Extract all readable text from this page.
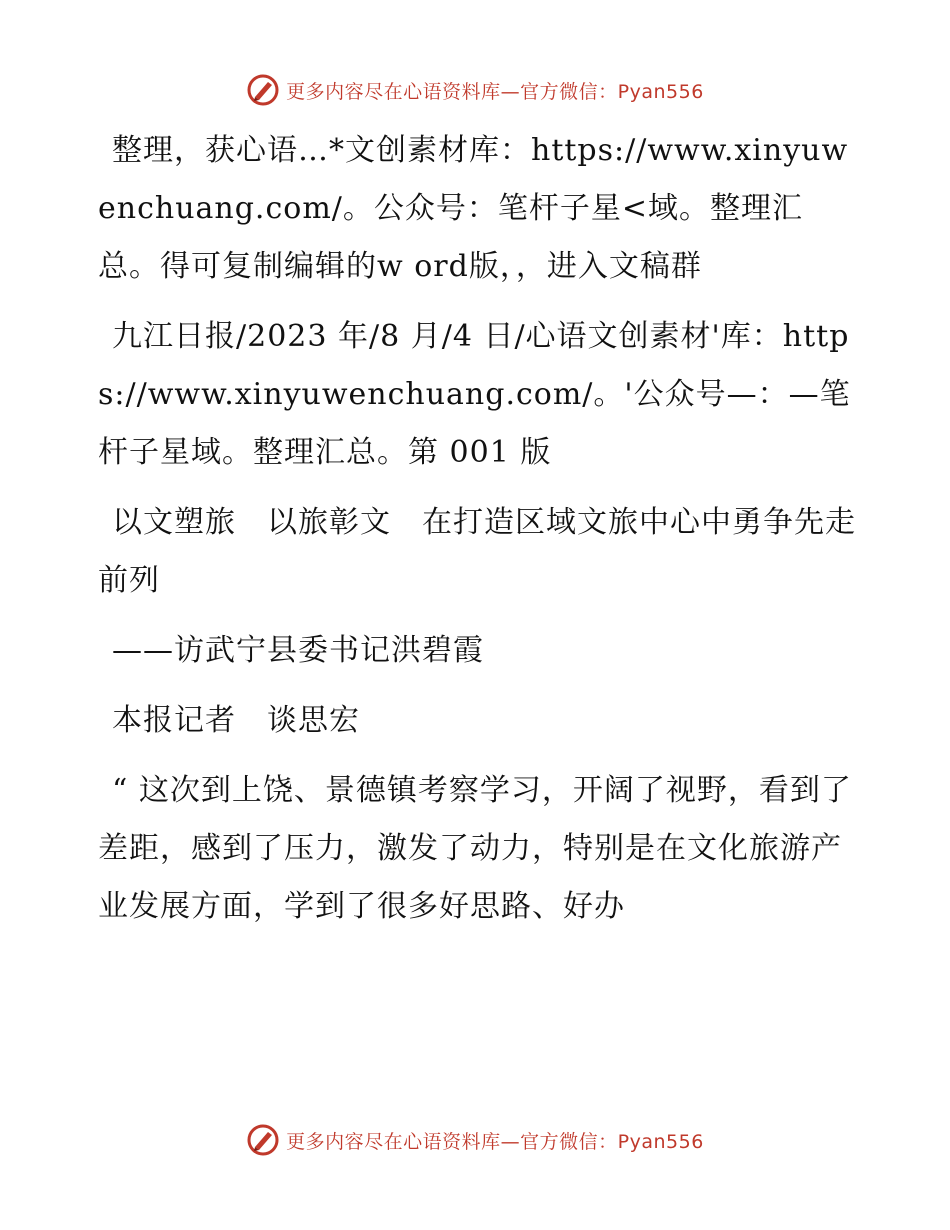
更多内容尽在心语资料库—官方微信：Pyan556

整理，获心语…*文创素材库：https://www.xinyuwenchuang.com/。公众号：笔杆子星<域。整理汇总。得可复制编辑的w ord版，，进入文稿群

九江日报/2023 年/8 月/4 日/心语文创素材'库：https://www.xinyuwenchuang.com/。'公众号—：—笔杆子星域。整理汇总。第 001 版

以文塑旅　以旅彰文　在打造区域文旅中心中勇争先走前列

——访武宁县委书记洪碧霞

本报记者　谈思宏

“ 这次到上饶、景德镇考察学习，开阔了视野，看到了差距，感到了压力，激发了动力，特别是在文化旅游产业发展方面，学到了很多好思路、好办

更多内容尽在心语资料库—官方微信：Pyan556
